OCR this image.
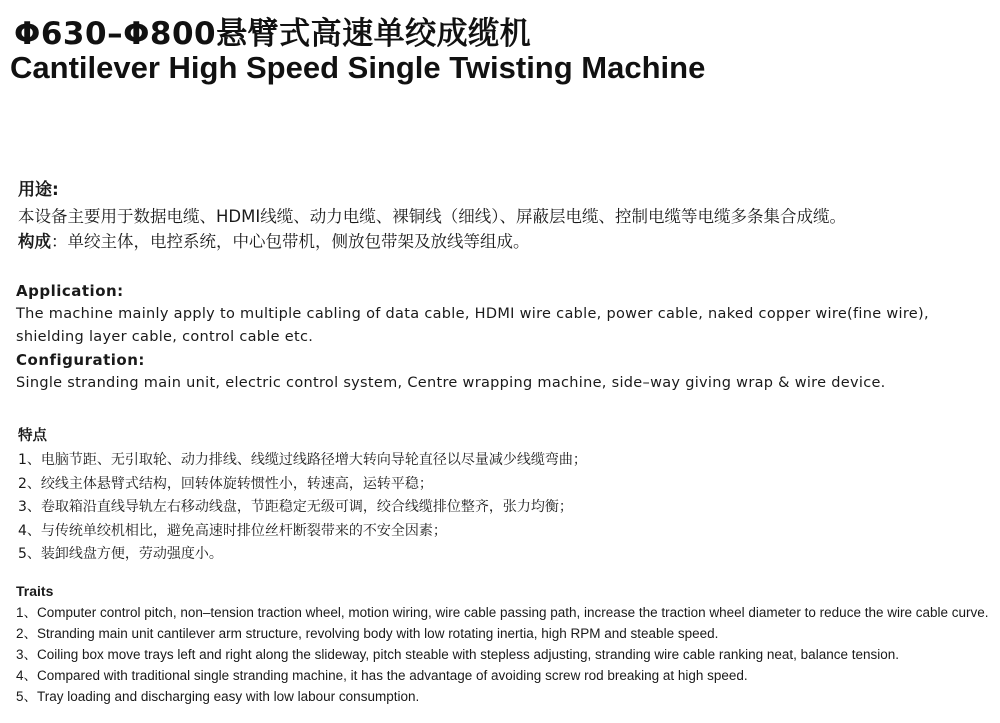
Φ630–Φ800悬臂式高速单绞成缆机
Cantilever High Speed Single Twisting Machine
用途:
本设备主要用于数据电缆、HDMI线缆、动力电缆、裸铜线（细线）、屏蔽层电缆、控制电缆等电缆多条集合成缆。
构成：单绞主体，电控系统，中心包带机，侧放包带架及放线等组成。
Application:
The machine mainly apply to multiple cabling of data cable, HDMI wire cable, power cable, naked copper wire(fine wire), shielding layer cable, control cable etc.
Configuration:
Single stranding main unit, electric control system, Centre wrapping machine, side–way giving wrap & wire device.
特点
1、电脑节距、无引取轮、动力排线、线缆过线路径增大转向导轮直径以尽量减少线缆弯曲；
2、绞线主体悬臂式结构，回转体旋转惯性小，转速高，运转平稳；
3、卷取箱沿直线导轨左右移动线盘，节距稳定无级可调，绞合线缆排位整齐，张力均衡；
4、与传统单绞机相比，避免高速时排位丝杆断裂带来的不安全因素；
5、装卸线盘方便，劳动强度小。
Traits
1、Computer control pitch, non–tension traction wheel, motion wiring, wire cable passing path, increase the traction wheel diameter to reduce the wire cable curve.
2、Stranding main unit cantilever arm structure, revolving body with low rotating inertia, high RPM and steable speed.
3、Coiling box move trays left and right along the slideway, pitch steable with stepless adjusting, stranding wire cable ranking neat, balance tension.
4、Compared with traditional single stranding machine, it has the advantage of avoiding screw rod breaking at high speed.
5、Tray loading and discharging easy with low labour consumption.
